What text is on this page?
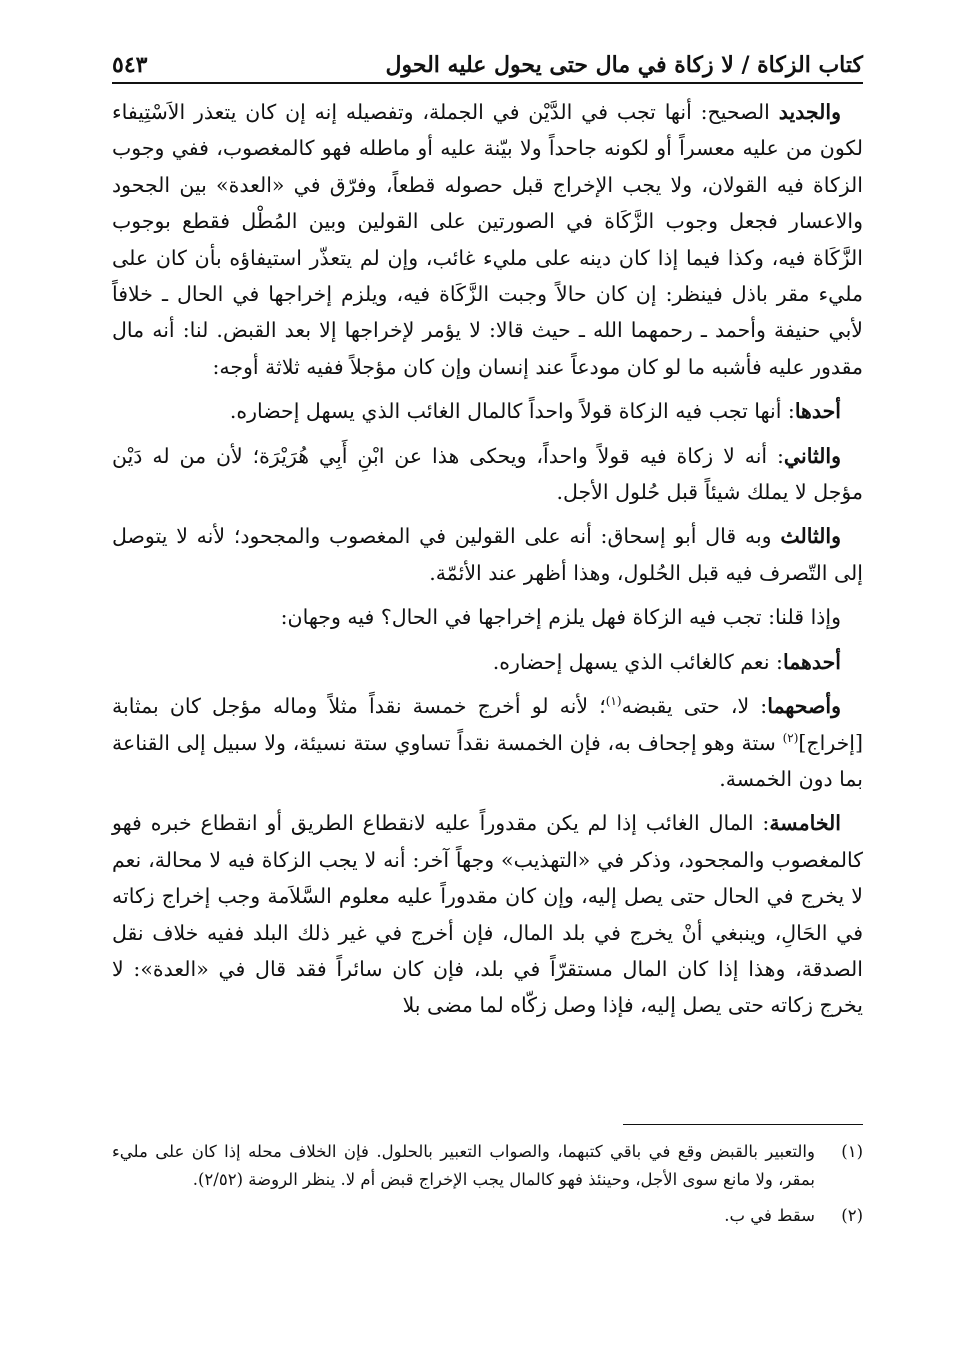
كتاب الزكاة / لا زكاة في مال حتى يحول عليه الحول
٥٤٣

والجديد الصحيح: أنها تجب في الدَّيْن في الجملة، وتفصيله إنه إن كان يتعذر الاَسْتِيفاء لكون من عليه معسراً أو لكونه جاحداً ولا بيّنة عليه أو ماطله فهو كالمغصوب، ففي وجوب الزكاة فيه القولان، ولا يجب الإخراج قبل حصوله قطعاً، وفرّق في «العدة» بين الجحود والاعسار فجعل وجوب الزَّكَاة في الصورتين على القولين وبين المُطْل فقطع بوجوب الزَّكَاة فيه، وكذا فيما إذا كان دينه على مليء غائب، وإن لم يتعذّر استيفاؤه بأن كان على مليء مقر باذل فينظر: إن كان حالاً وجبت الزَّكَاة فيه، ويلزم إخراجها في الحال ـ خلافاً لأبي حنيفة وأحمد ـ رحمهما الله ـ حيث قالا: لا يؤمر لإخراجها إلا بعد القبض. لنا: أنه مال مقدور عليه فأشبه ما لو كان مودعاً عند إنسان وإن كان مؤجلاً ففيه ثلاثة أوجه:

أحدها: أنها تجب فيه الزكاة قولاً واحداً كالمال الغائب الذي يسهل إحضاره.

والثاني: أنه لا زكاة فيه قولاً واحداً، ويحكى هذا عن ابْنِ أَبِي هُرَيْرَة؛ لأن من له دَيْن مؤجل لا يملك شيئاً قبل حُلول الأجل.

والثالث وبه قال أبو إسحاق: أنه على القولين في المغصوب والمجحود؛ لأنه لا يتوصل إلى التّصرف فيه قبل الحُلول، وهذا أظهر عند الأئمّة.

وإذا قلنا: تجب فيه الزكاة فهل يلزم إخراجها في الحال؟ فيه وجهان:

أحدهما: نعم كالغائب الذي يسهل إحضاره.

وأصحهما: لا، حتى يقبضه$^{(١)}$؛ لأنه لو أخرج خمسة نقداً مثلاً وماله مؤجل كان بمثابة [إخراج]$^{(٢)}$ ستة وهو إجحاف به، فإن الخمسة نقداً تساوي ستة نسيئة، ولا سبيل إلى القناعة بما دون الخمسة.

الخامسة: المال الغائب إذا لم يكن مقدوراً عليه لانقطاع الطريق أو انقطاع خبره فهو كالمغصوب والمجحود، وذكر في «التهذيب» وجهاً آخر: أنه لا يجب الزكاة فيه لا محالة، نعم لا يخرج في الحال حتى يصل إليه، وإن كان مقدوراً عليه معلوم السَّلاَمة وجب إخراج زكاته في الحَالِ، وينبغي أنْ يخرج في بلد المال، فإن أخرج في غير ذلك البلد ففيه خلاف نقل الصدقة، وهذا إذا كان المال مستقرّاً في بلد، فإن كان سائراً فقد قال في «العدة»: لا يخرج زكاته حتى يصل إليه، فإذا وصل زكّاه لما مضى بلا

(١)
والتعبير بالقبض وقع في باقي كتبهما، والصواب التعبير بالحلول. فإن الخلاف محله إذا كان على مليء بمقر، ولا مانع سوى الأجل، وحينئذ فهو كالمال يجب الإخراج قبض أم لا. ينظر الروضة (٢/٥٢).
(٢)
سقط في ب.
